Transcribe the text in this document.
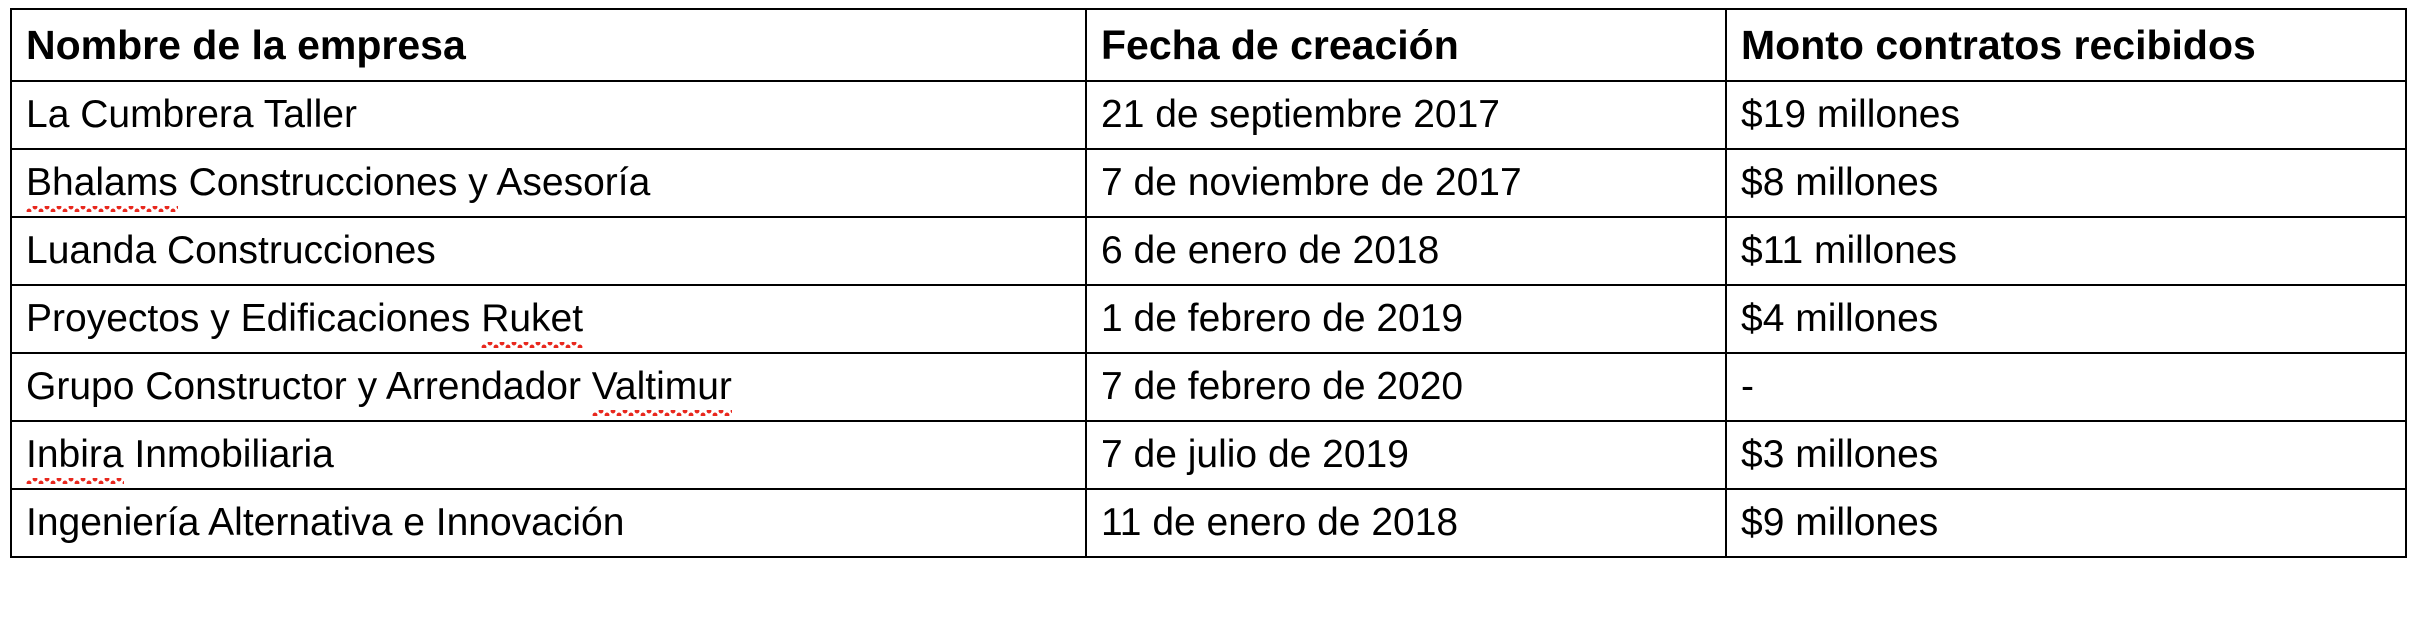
Nombre de la empresa	Fecha de creación	Monto contratos recibidos
La Cumbrera Taller	21 de septiembre 2017	$19 millones
Bhalams Construcciones y Asesoría	7 de noviembre de 2017	$8 millones
Luanda Construcciones	6 de enero de 2018	$11 millones
Proyectos y Edificaciones Ruket	1 de febrero de 2019	$4 millones
Grupo Constructor y Arrendador Valtimur	7 de febrero de 2020	-
Inbira Inmobiliaria	7 de julio de 2019	$3 millones
Ingeniería Alternativa e Innovación	11 de enero de 2018	$9 millones
